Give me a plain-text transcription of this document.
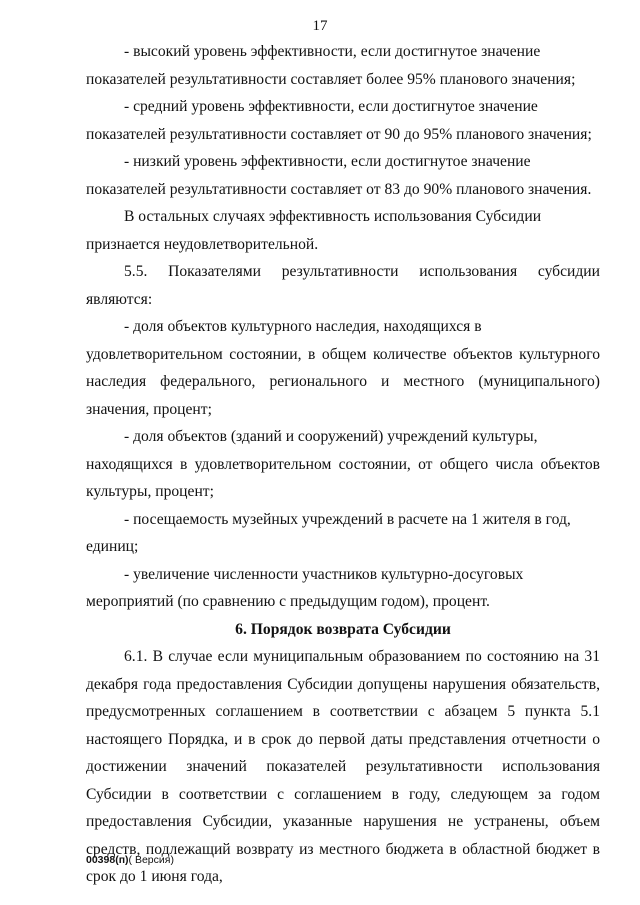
17

- высокий уровень эффективности, если достигнутое значение

показателей результативности составляет более 95% планового значения;

- средний уровень эффективности, если достигнутое значение

показателей результативности составляет от 90 до 95% планового значения;

- низкий уровень эффективности, если достигнутое значение

показателей результативности составляет от 83 до 90% планового значения.

В остальных случаях эффективность использования Субсидии

признается неудовлетворительной.

5.5. Показателями результативности использования субсидии являются:

- доля объектов культурного наследия, находящихся в

удовлетворительном состоянии, в общем количестве объектов культурного наследия федерального, регионального и местного (муниципального) значения, процент;

- доля объектов (зданий и сооружений) учреждений культуры,

находящихся в удовлетворительном состоянии, от общего числа объектов культуры, процент;

- посещаемость музейных учреждений в расчете на 1 жителя в год,

единиц;

- увеличение численности участников культурно-досуговых

мероприятий (по сравнению с предыдущим годом), процент.

6. Порядок возврата Субсидии

6.1. В случае если муниципальным образованием по состоянию на 31 декабря года предоставления Субсидии допущены нарушения обязательств, предусмотренных соглашением в соответствии с абзацем 5 пункта 5.1 настоящего Порядка, и в срок до первой даты представления отчетности о достижении значений показателей результативности использования Субсидии в соответствии с соглашением в году, следующем за годом предоставления Субсидии, указанные нарушения не устранены, объем средств, подлежащий возврату из местного бюджета в областной бюджет в срок до 1 июня года,

00398(п)( Версия)
